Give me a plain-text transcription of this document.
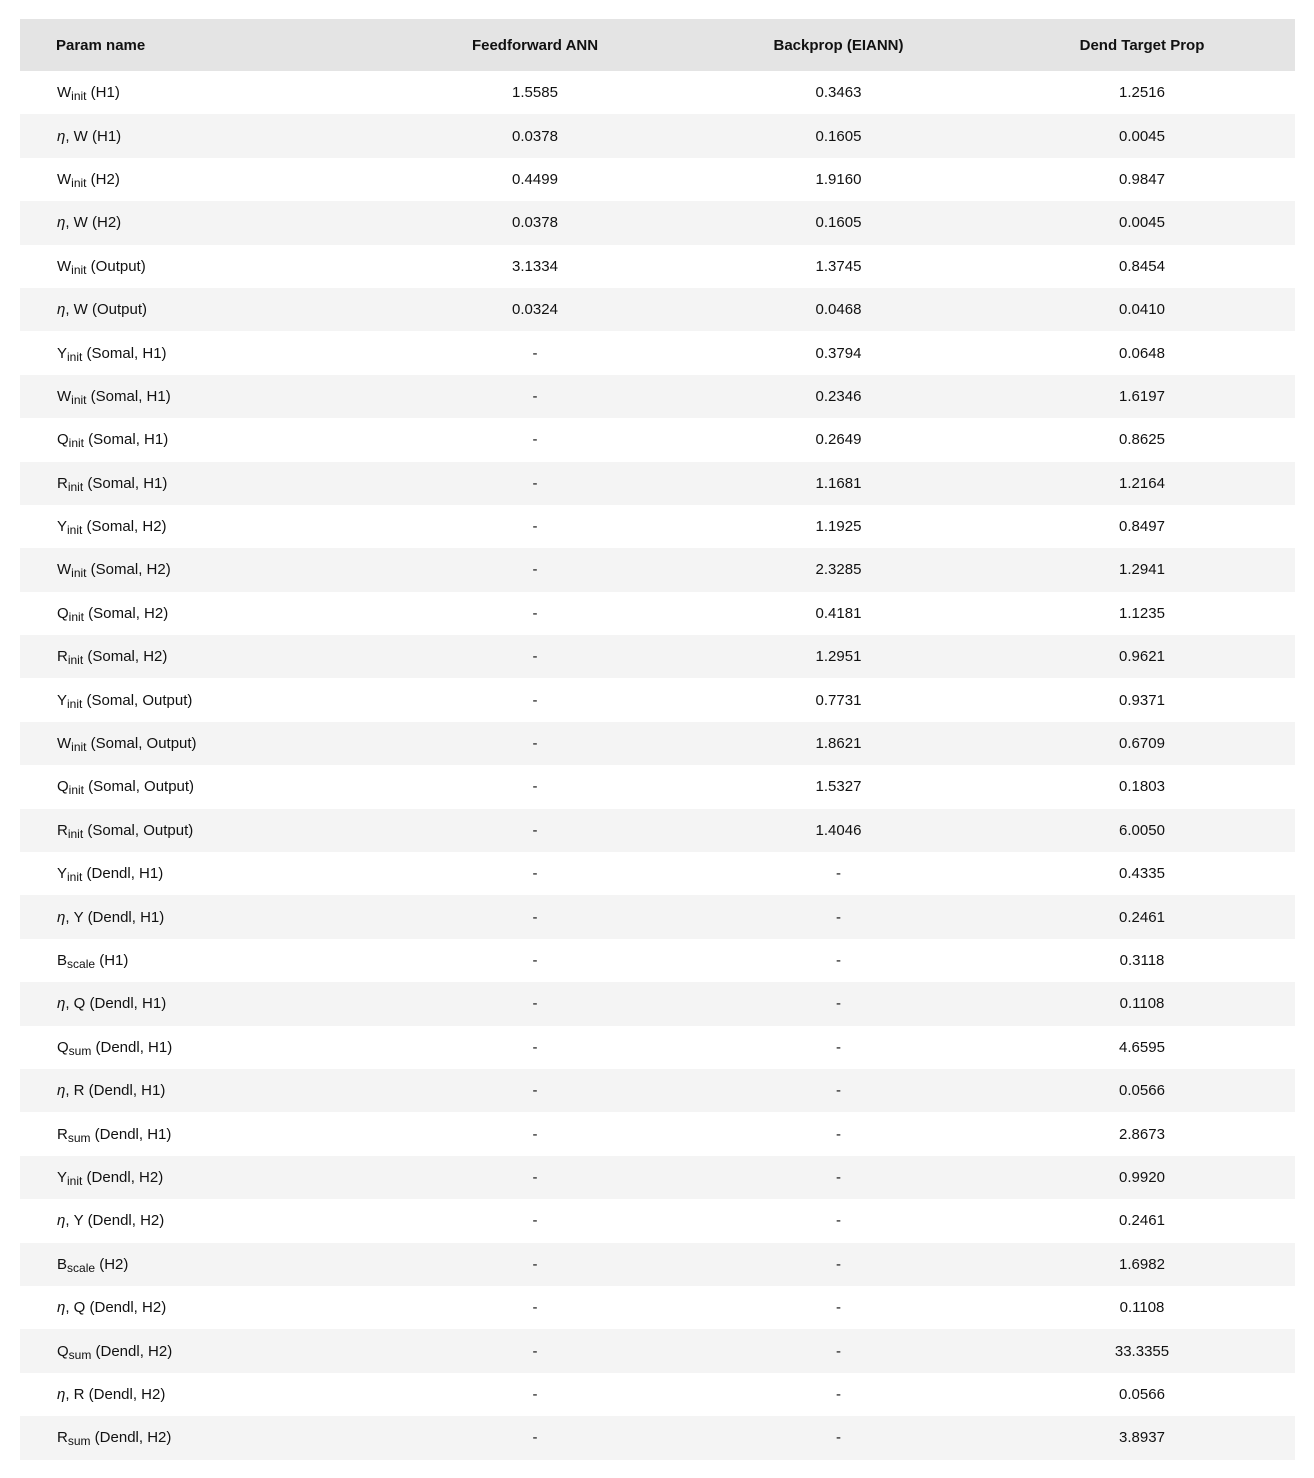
Param name	Feedforward ANN	Backprop (EIANN)	Dend Target Prop
$W_{init}$ (H1)	1.5585	0.3463	1.2516
η, W (H1)	0.0378	0.1605	0.0045
$W_{init}$ (H2)	0.4499	1.9160	0.9847
η, W (H2)	0.0378	0.1605	0.0045
$W_{init}$ (Output)	3.1334	1.3745	0.8454
η, W (Output)	0.0324	0.0468	0.0410
$Y_{init}$ (Somal, H1)	-	0.3794	0.0648
$W_{init}$ (Somal, H1)	-	0.2346	1.6197
$Q_{init}$ (Somal, H1)	-	0.2649	0.8625
$R_{init}$ (Somal, H1)	-	1.1681	1.2164
$Y_{init}$ (Somal, H2)	-	1.1925	0.8497
$W_{init}$ (Somal, H2)	-	2.3285	1.2941
$Q_{init}$ (Somal, H2)	-	0.4181	1.1235
$R_{init}$ (Somal, H2)	-	1.2951	0.9621
$Y_{init}$ (Somal, Output)	-	0.7731	0.9371
$W_{init}$ (Somal, Output)	-	1.8621	0.6709
$Q_{init}$ (Somal, Output)	-	1.5327	0.1803
$R_{init}$ (Somal, Output)	-	1.4046	6.0050
$Y_{init}$ (Dendl, H1)	-	-	0.4335
η, Y (Dendl, H1)	-	-	0.2461
$B_{scale}$ (H1)	-	-	0.3118
η, Q (Dendl, H1)	-	-	0.1108
$Q_{sum}$ (Dendl, H1)	-	-	4.6595
η, R (Dendl, H1)	-	-	0.0566
$R_{sum}$ (Dendl, H1)	-	-	2.8673
$Y_{init}$ (Dendl, H2)	-	-	0.9920
η, Y (Dendl, H2)	-	-	0.2461
$B_{scale}$ (H2)	-	-	1.6982
η, Q (Dendl, H2)	-	-	0.1108
$Q_{sum}$ (Dendl, H2)	-	-	33.3355
η, R (Dendl, H2)	-	-	0.0566
$R_{sum}$ (Dendl, H2)	-	-	3.8937
